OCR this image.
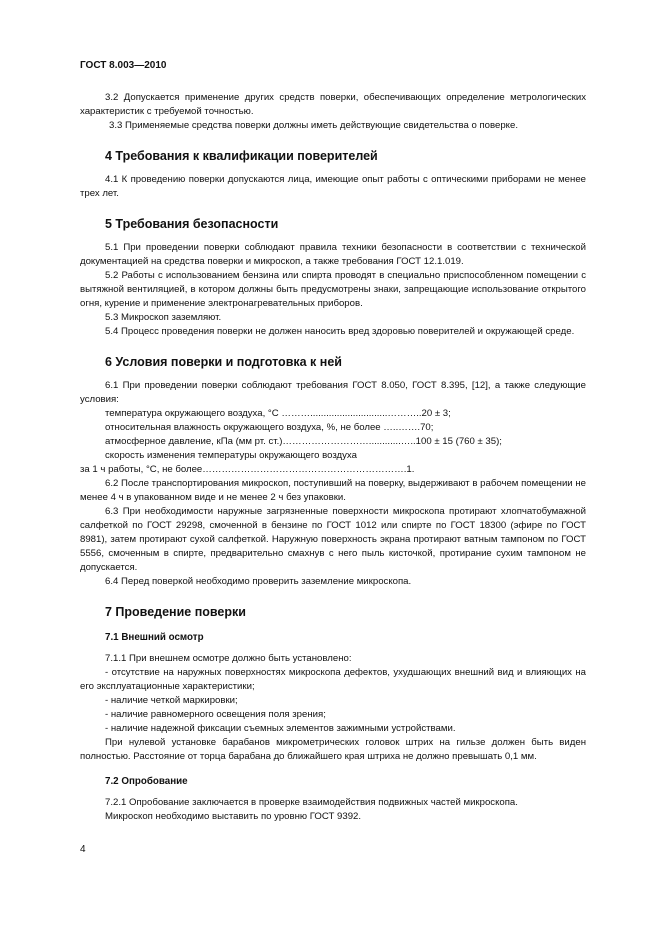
ГОСТ 8.003—2010

3.2 Допускается применение других средств поверки, обеспечивающих определение метрологических характеристик с требуемой точностью.

3.3 Применяемые средства поверки должны иметь действующие свидетельства о поверке.

4 Требования к квалификации поверителей

4.1 К проведению поверки допускаются лица, имеющие опыт работы с оптическими приборами не менее трех лет.

5 Требования безопасности

5.1 При проведении поверки соблюдают правила техники безопасности в соответствии с технической документацией на средства поверки и микроскоп, а также требования ГОСТ 12.1.019.

5.2 Работы с использованием бензина или спирта проводят в специально приспособленном помещении с вытяжной вентиляцией, в котором должны быть предусмотрены знаки, запрещающие использование открытого огня, курение и применение электронагревательных приборов.

5.3 Микроскоп заземляют.

5.4 Процесс проведения поверки не должен наносить вред здоровью поверителей и окружающей среде.

6 Условия поверки и подготовка к ней

6.1 При проведении поверки соблюдают требования ГОСТ 8.050, ГОСТ 8.395, [12], а также следующие условия:

температура окружающего воздуха, °С ……….............................………..20 ± 3;

относительная влажность окружающего воздуха, %, не более …..…….70;

атмосферное давление, кПа (мм рт. ст.)………………………............…..100 ± 15 (760 ± 35);

скорость изменения температуры окружающего воздуха

за 1 ч работы, °С, не более……………………………………………………….1.

6.2 После транспортирования микроскоп, поступивший на поверку, выдерживают в рабочем помещении не менее 4 ч в упакованном виде и не менее 2 ч без упаковки.

6.3 При необходимости наружные загрязненные поверхности микроскопа протирают хлопчатобумажной салфеткой по ГОСТ 29298, смоченной в бензине по ГОСТ 1012 или спирте по ГОСТ 18300 (эфире по ГОСТ 8981), затем протирают сухой салфеткой. Наружную поверхность экрана протирают ватным тампоном по ГОСТ 5556, смоченным в спирте, предварительно смахнув с него пыль кисточкой, протирание сухим тампоном не допускается.

6.4 Перед поверкой необходимо проверить заземление микроскопа.

7 Проведение поверки
7.1 Внешний осмотр

7.1.1 При внешнем осмотре должно быть установлено:

- отсутствие на наружных поверхностях микроскопа дефектов, ухудшающих внешний вид и влияющих на его эксплуатационные характеристики;

- наличие четкой маркировки;

- наличие равномерного освещения поля зрения;

- наличие надежной фиксации съемных элементов зажимными устройствами.

При нулевой установке барабанов микрометрических головок штрих на гильзе должен быть виден полностью. Расстояние от торца барабана до ближайшего края штриха не должно превышать 0,1 мм.

7.2 Опробование

7.2.1 Опробование заключается в проверке взаимодействия подвижных частей микроскопа.

Микроскоп необходимо выставить по уровню ГОСТ 9392.

4
